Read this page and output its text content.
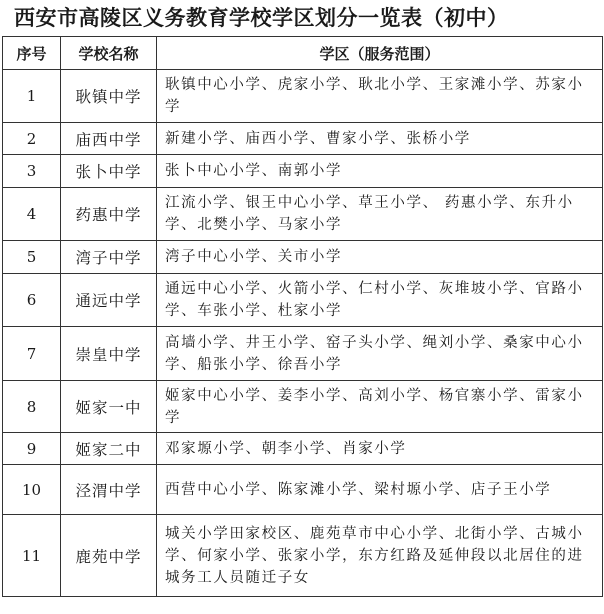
西安市高陵区义务教育学校学区划分一览表（初中）
序号	学校名称	学区（服务范围）
1	耿镇中学	耿镇中心小学、虎家小学、耿北小学、王家滩小学、苏家小学
2	庙西中学	新建小学、庙西小学、曹家小学、张桥小学
3	张卜中学	张卜中心小学、南郭小学
4	药惠中学	江流小学、银王中心小学、草王小学、 药惠小学、东升小学、北樊小学、马家小学
5	湾子中学	湾子中心小学、关市小学
6	通远中学	通远中心小学、火箭小学、仁村小学、灰堆坡小学、官路小学、车张小学、杜家小学
7	崇皇中学	高墙小学、井王小学、窑子头小学、绳刘小学、桑家中心小学、船张小学、徐吾小学
8	姬家一中	姬家中心小学、姜李小学、高刘小学、杨官寨小学、雷家小学
9	姬家二中	邓家塬小学、朝李小学、肖家小学
10	泾渭中学	西营中心小学、陈家滩小学、梁村塬小学、店子王小学
11	鹿苑中学	城关小学田家校区、鹿苑草市中心小学、北街小学、古城小学、何家小学、张家小学，东方红路及延伸段以北居住的进城务工人员随迁子女
